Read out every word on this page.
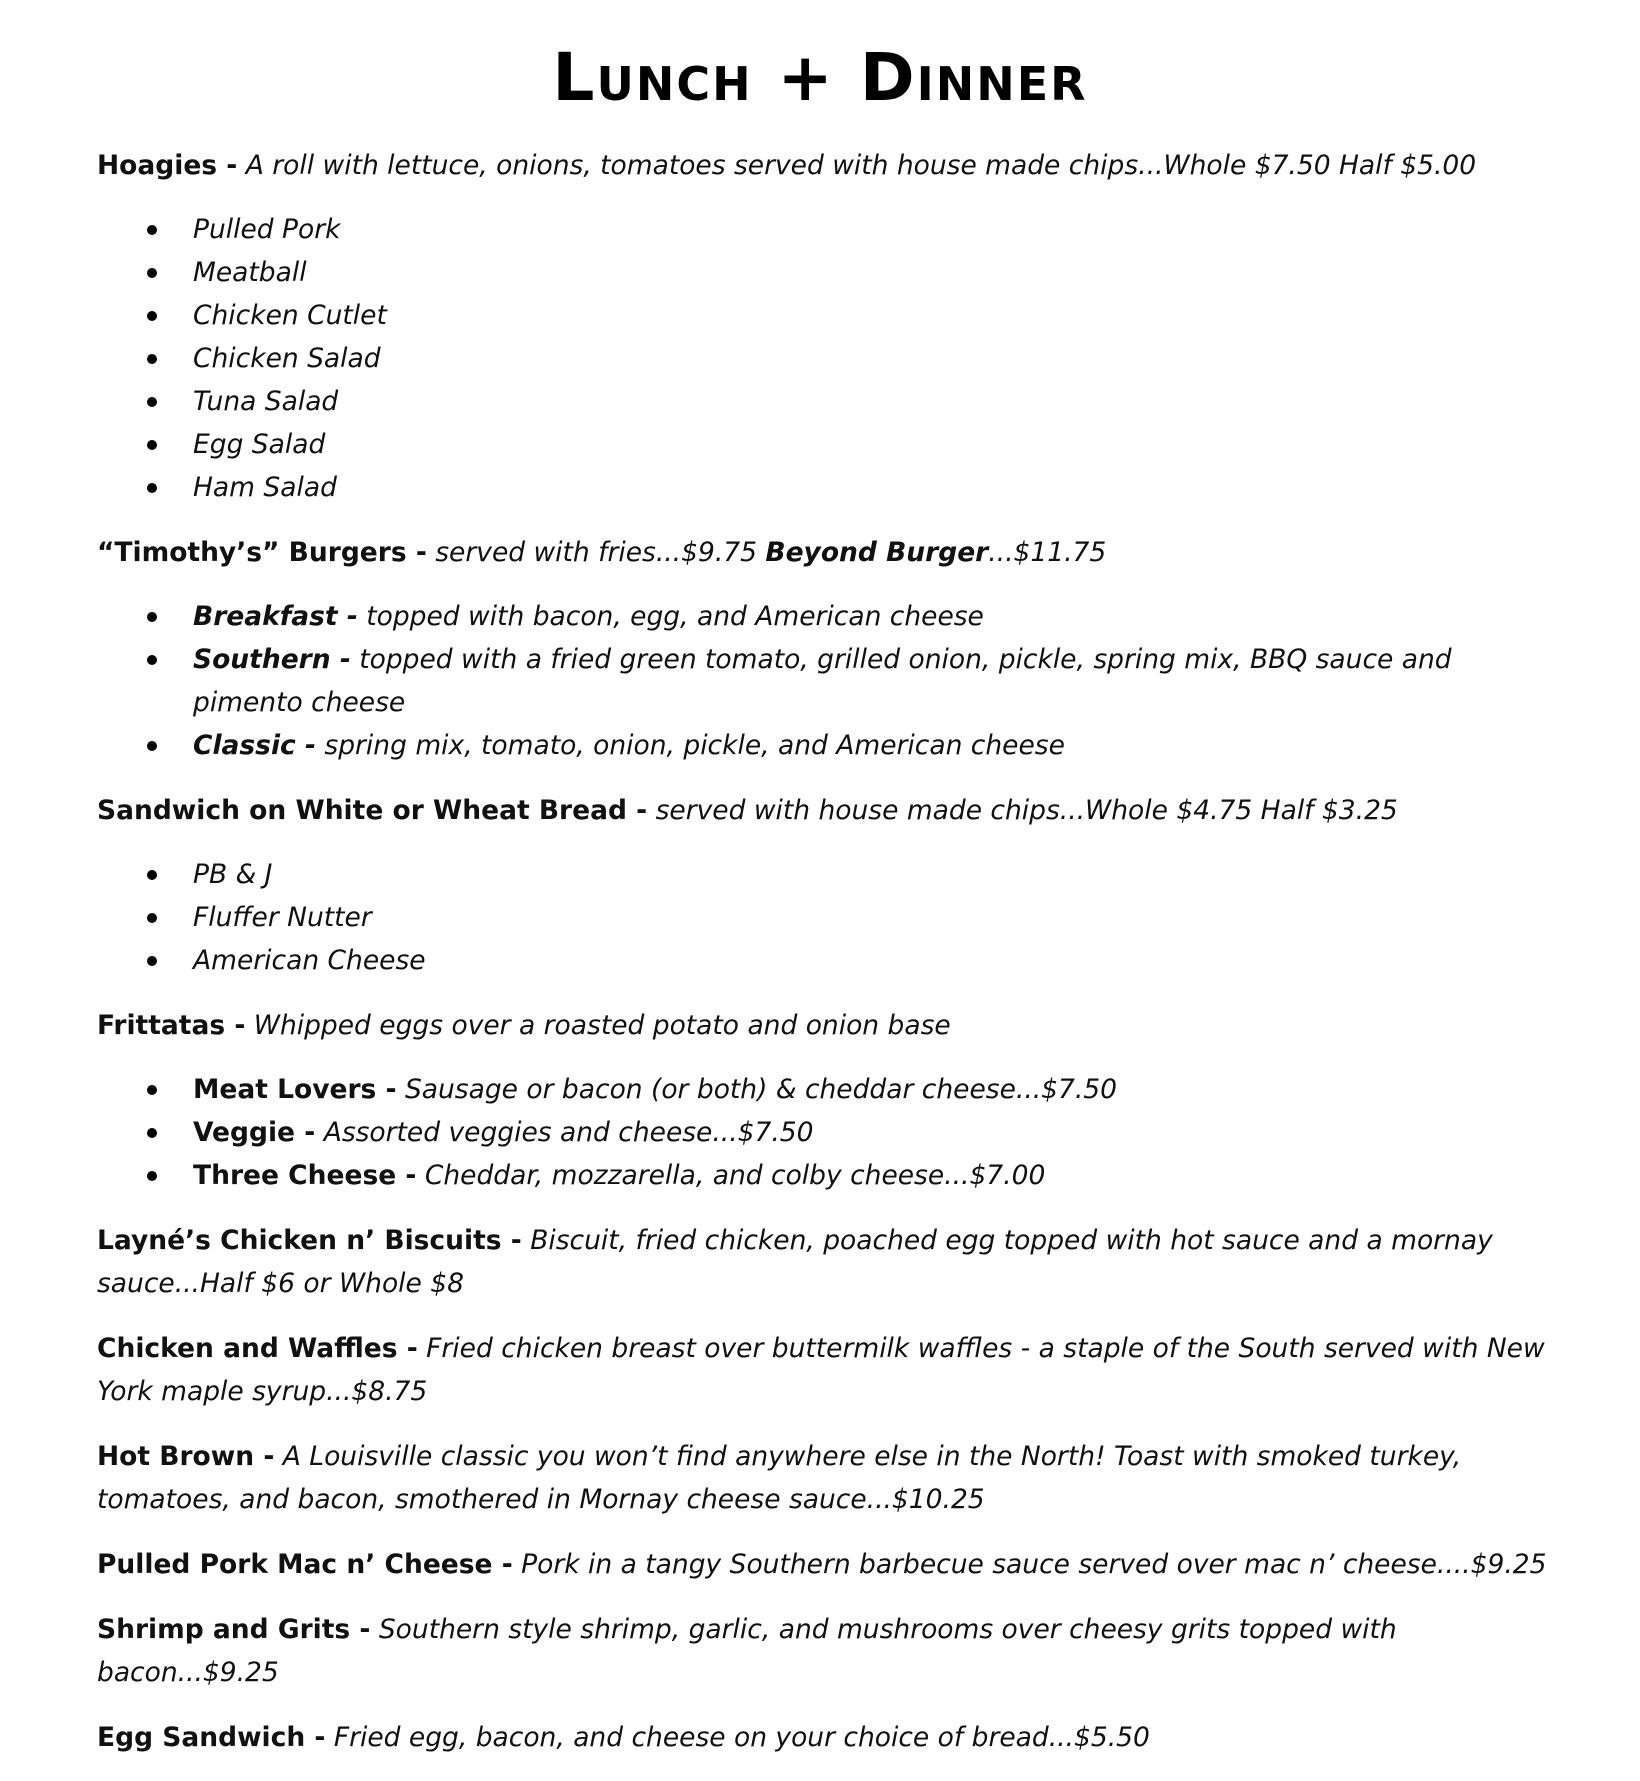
Lunch + Dinner
Hoagies - A roll with lettuce, onions, tomatoes served with house made chips...Whole $7.50 Half $5.00
Pulled Pork
Meatball
Chicken Cutlet
Chicken Salad
Tuna Salad
Egg Salad
Ham Salad
“Timothy’s” Burgers - served with fries...$9.75 Beyond Burger...$11.75
Breakfast - topped with bacon, egg, and American cheese
Southern - topped with a fried green tomato, grilled onion, pickle, spring mix, BBQ sauce and pimento cheese
Classic - spring mix, tomato, onion, pickle, and American cheese
Sandwich on White or Wheat Bread - served with house made chips...Whole $4.75 Half $3.25
PB & J
Fluffer Nutter
American Cheese
Frittatas - Whipped eggs over a roasted potato and onion base
Meat Lovers - Sausage or bacon (or both) & cheddar cheese...$7.50
Veggie - Assorted veggies and cheese...$7.50
Three Cheese - Cheddar, mozzarella, and colby cheese...$7.00
Layné’s Chicken n’ Biscuits - Biscuit, fried chicken, poached egg topped with hot sauce and a mornay sauce...Half $6 or Whole $8
Chicken and Waffles - Fried chicken breast over buttermilk waffles - a staple of the South served with New York maple syrup...$8.75
Hot Brown - A Louisville classic you won’t find anywhere else in the North! Toast with smoked turkey, tomatoes, and bacon, smothered in Mornay cheese sauce...$10.25
Pulled Pork Mac n’ Cheese - Pork in a tangy Southern barbecue sauce served over mac n’ cheese....$9.25
Shrimp and Grits - Southern style shrimp, garlic, and mushrooms over cheesy grits topped with bacon...$9.25
Egg Sandwich - Fried egg, bacon, and cheese on your choice of bread...$5.50
